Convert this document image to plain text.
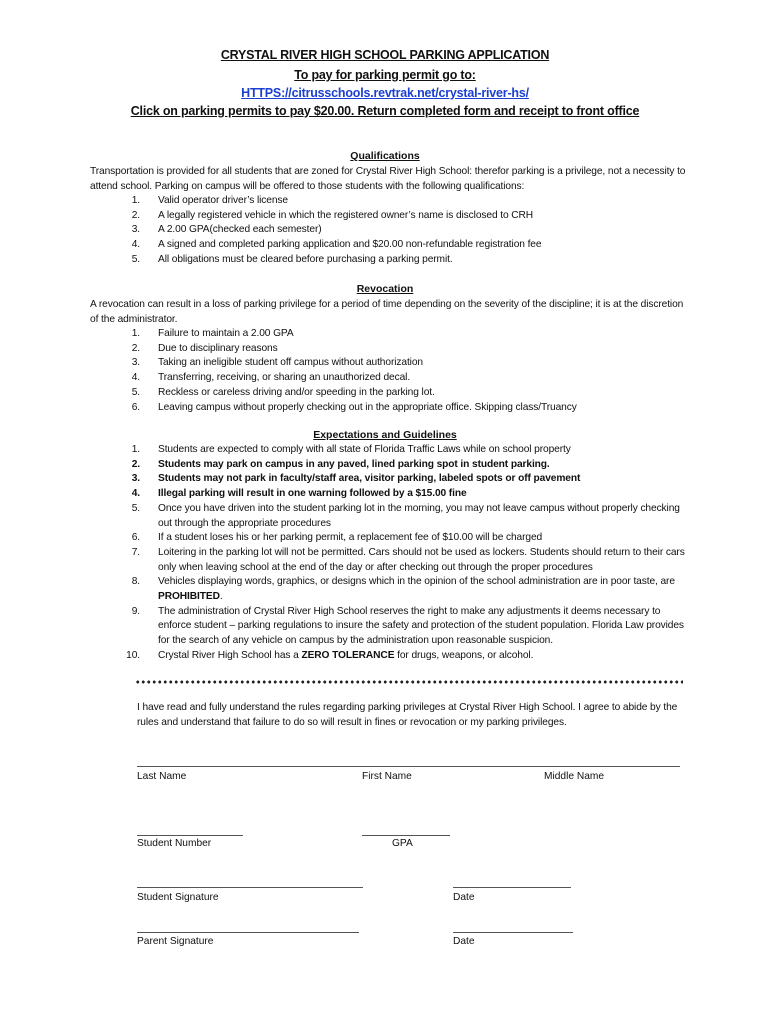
CRYSTAL RIVER HIGH SCHOOL PARKING APPLICATION
To pay for parking permit go to:
HTTPS://citrusschools.revtrak.net/crystal-river-hs/
Click on parking permits to pay $20.00. Return completed form and receipt to front office
Qualifications
Transportation is provided for all students that are zoned for Crystal River High School: therefor parking is a privilege, not a necessity to attend school. Parking on campus will be offered to those students with the following qualifications:
1. Valid operator driver’s license
2. A legally registered vehicle in which the registered owner’s name is disclosed to CRH
3. A 2.00 GPA(checked each semester)
4. A signed and completed parking application and $20.00 non-refundable registration fee
5. All obligations must be cleared before purchasing a parking permit.
Revocation
A revocation can result in a loss of parking privilege for a period of time depending on the severity of the discipline; it is at the discretion of the administrator.
1. Failure to maintain a 2.00 GPA
2. Due to disciplinary reasons
3. Taking an ineligible student off campus without authorization
4. Transferring, receiving, or sharing an unauthorized decal.
5. Reckless or careless driving and/or speeding in the parking lot.
6. Leaving campus without properly checking out in the appropriate office. Skipping class/Truancy
Expectations and Guidelines
1. Students are expected to comply with all state of Florida Traffic Laws while on school property
2. Students may park on campus in any paved, lined parking spot in student parking.
3. Students may not park in faculty/staff area, visitor parking, labeled spots or off pavement
4. Illegal parking will result in one warning followed by a $15.00 fine
5. Once you have driven into the student parking lot in the morning, you may not leave campus without properly checking out through the appropriate procedures
6. If a student loses his or her parking permit, a replacement fee of $10.00 will be charged
7. Loitering in the parking lot will not be permitted. Cars should not be used as lockers. Students should return to their cars only when leaving school at the end of the day or after checking out through the proper procedures
8. Vehicles displaying words, graphics, or designs which in the opinion of the school administration are in poor taste, are PROHIBITED.
9. The administration of Crystal River High School reserves the right to make any adjustments it deems necessary to enforce student – parking regulations to insure the safety and protection of the student population. Florida Law provides for the search of any vehicle on campus by the administration upon reasonable suspicion.
10. Crystal River High School has a ZERO TOLERANCE for drugs, weapons, or alcohol.
I have read and fully understand the rules regarding parking privileges at Crystal River High School. I agree to abide by the rules and understand that failure to do so will result in fines or revocation or my parking privileges.
Last Name	First Name	Middle Name
Student Number	GPA
Student Signature	Date
Parent Signature	Date
